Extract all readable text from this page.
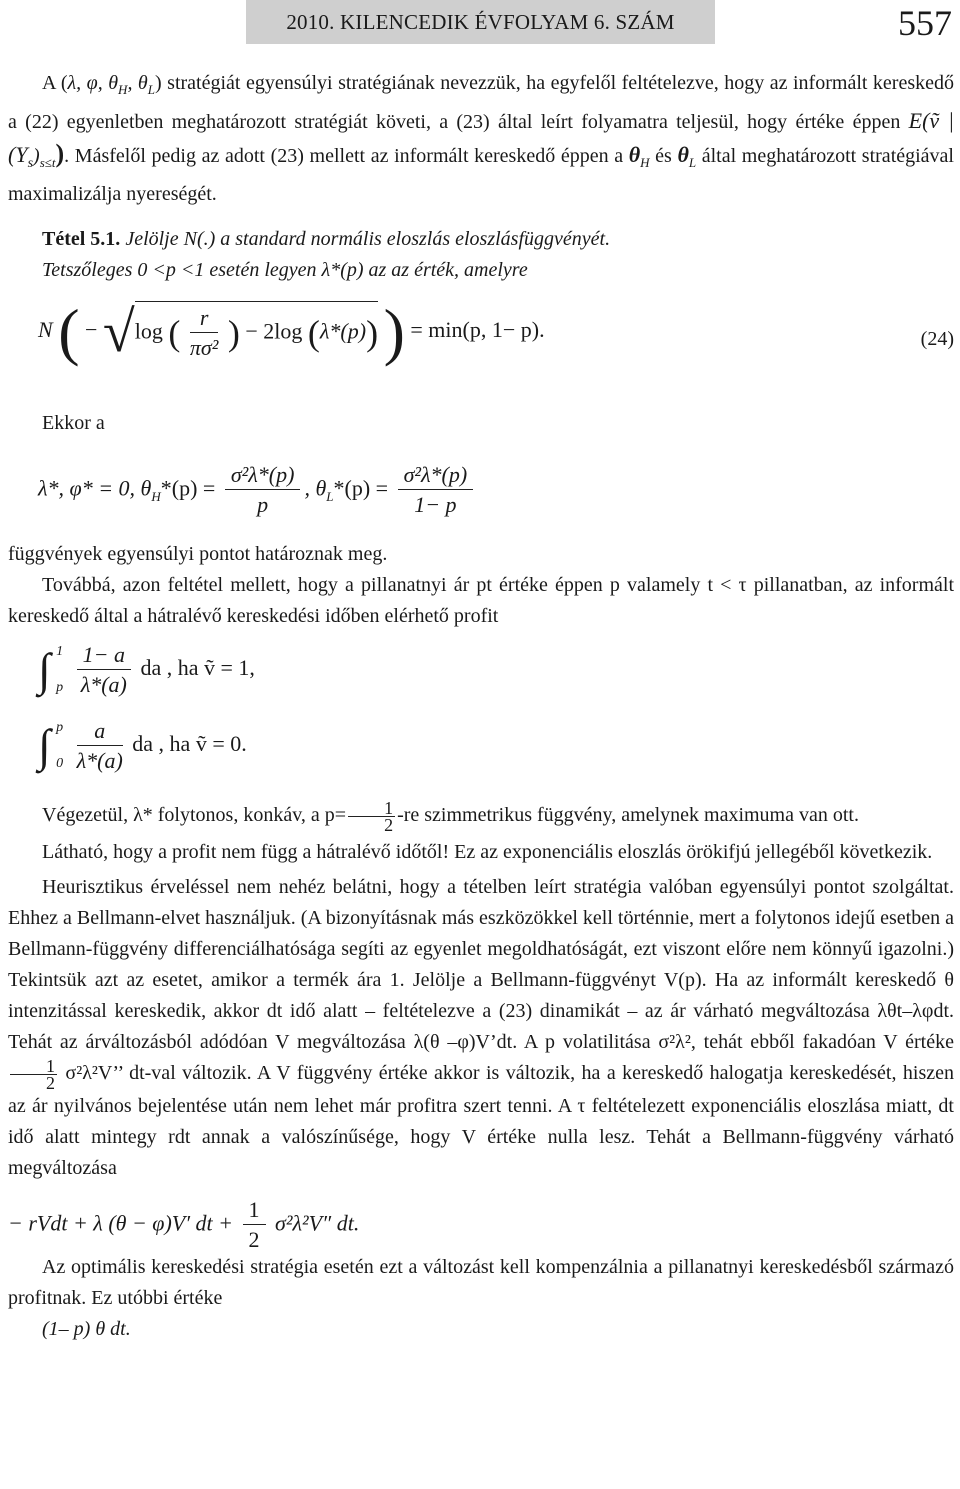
2010. KILENCEDIK ÉVFOLYAM 6. SZÁM	557

A (λ, φ, $\theta_H$, $\theta_L$) stratégiát egyensúlyi stratégiának nevezzük, ha egyfelől feltételezve, hogy az informált kereskedő a (22) egyenletben meghatározott stratégiát követi, a (23) által leírt folyamatra teljesül, hogy értéke éppen E(ṽ | $(Y_s)_{s\le t}$). Másfelől pedig az adott (23) mellett az informált kereskedő éppen a $\theta_H$ és $\theta_L$ által meghatározott stratégiával maximalizálja nyereségét.

Tétel 5.1. Jelölje N(.) a standard normális eloszlás eloszlásfüggvényét.

Tetszőleges 0 <p <1 esetén legyen λ*(p) az az érték, amelyre

N ( − √log ( $\frac{r}{\text{πσ²}}$ ) − 2log (λ*(p)) ) = min(p, 1− p).	(24)

Ekkor a

λ*, φ* = 0, $\theta_H*(p) = \frac{\text{σ²λ*(p)}}{p}$ , $\theta_L*(p) = \frac{\text{σ²λ*(p)}}{1- p}$

függvények egyensúlyi pontot határoznak meg.

Továbbá, azon feltétel mellett, hogy a pillanatnyi ár pt értéke éppen p valamely t < τ pillanatban, az informált kereskedő által a hátralévő kereskedési időben elérhető profit

∫ 1
p
$\frac{1- a}{\lambda*(a)}$ da , ha ṽ = 1,
∫ p
0
$\frac{a}{\lambda*(a)}$ da , ha ṽ = 0.

Végezetül, λ* folytonos, konkáv, a $p= \frac{1}{2} -re$ szimmetrikus függvény, amelynek maximuma van ott.

Látható, hogy a profit nem függ a hátralévő időtől! Ez az exponenciális eloszlás örökifjú jellegéből következik.

Heurisztikus érveléssel nem nehéz belátni, hogy a tételben leírt stratégia valóban egyensúlyi pontot szolgáltat. Ehhez a Bellmann-elvet használjuk. (A bizonyításnak más eszközökkel kell történnie, mert a folytonos idejű esetben a Bellmann-függvény differenciálhatósága segíti az egyenlet megoldhatóságát, ezt viszont előre nem könnyű igazolni.) Tekintsük azt az esetet, amikor a termék ára 1. Jelölje a Bellmann-függvényt V(p). Ha az informált kereskedő θ intenzitással kereskedik, akkor dt idő alatt – feltételezve a (23) dinamikát – az ár várható megváltozása λθt–λφdt. Tehát az árváltozásból adódóan V megváltozása λ(θ –φ)V’dt. A p volatilitása σ²λ², tehát ebből fakadóan V értéke
$\frac{1}{2} \sigma^2\lambda^2V$’’ dt-val változik. A V függvény értéke akkor is változik, ha a kereskedő halogatja kereskedését, hiszen az ár nyilvános bejelentése után nem lehet már profitra szert tenni. A τ feltételezett exponenciális eloszlása miatt, dt idő alatt mintegy rdt annak a valószínűsége, hogy V értéke nulla lesz. Tehát a Bellmann-függvény várható megváltozása

− rVdt + λ (θ − φ)V′ dt + $\frac{1}{2} \sigma^2\lambda^2V''$ dt.

Az optimális kereskedési stratégia esetén ezt a változást kell kompenzálnia a pillanatnyi kereskedésből származó profitnak. Ez utóbbi értéke

(1– p) θ dt.
